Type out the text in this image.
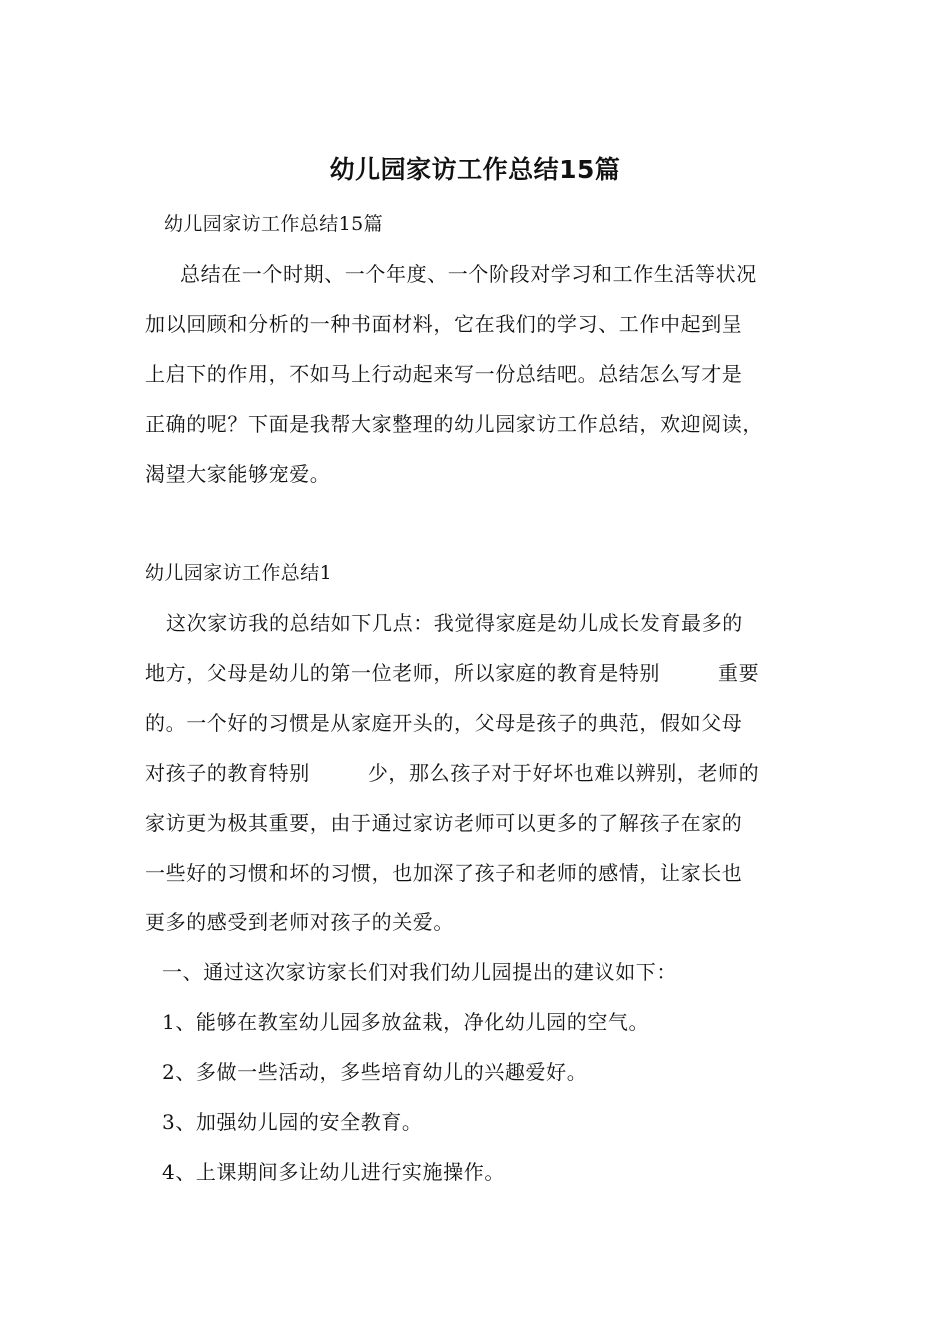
幼儿园家访工作总结15篇
幼儿园家访工作总结15篇
总结在一个时期、一个年度、一个阶段对学习和工作生活等状况
加以回顾和分析的一种书面材料，它在我们的学习、工作中起到呈
上启下的作用，不如马上行动起来写一份总结吧。总结怎么写才是
正确的呢？下面是我帮大家整理的幼儿园家访工作总结，欢迎阅读，
渴望大家能够宠爱。
幼儿园家访工作总结1
这次家访我的总结如下几点：我觉得家庭是幼儿成长发育最多的
地方，父母是幼儿的第一位老师，所以家庭的教育是特别	重要
的。一个好的习惯是从家庭开头的，父母是孩子的典范，假如父母
对孩子的教育特别	少，那么孩子对于好坏也难以辨别，老师的
家访更为极其重要，由于通过家访老师可以更多的了解孩子在家的
一些好的习惯和坏的习惯，也加深了孩子和老师的感情，让家长也
更多的感受到老师对孩子的关爱。
一、通过这次家访家长们对我们幼儿园提出的建议如下：
1、能够在教室幼儿园多放盆栽，净化幼儿园的空气。
2、多做一些活动，多些培育幼儿的兴趣爱好。
3、加强幼儿园的安全教育。
4、上课期间多让幼儿进行实施操作。
